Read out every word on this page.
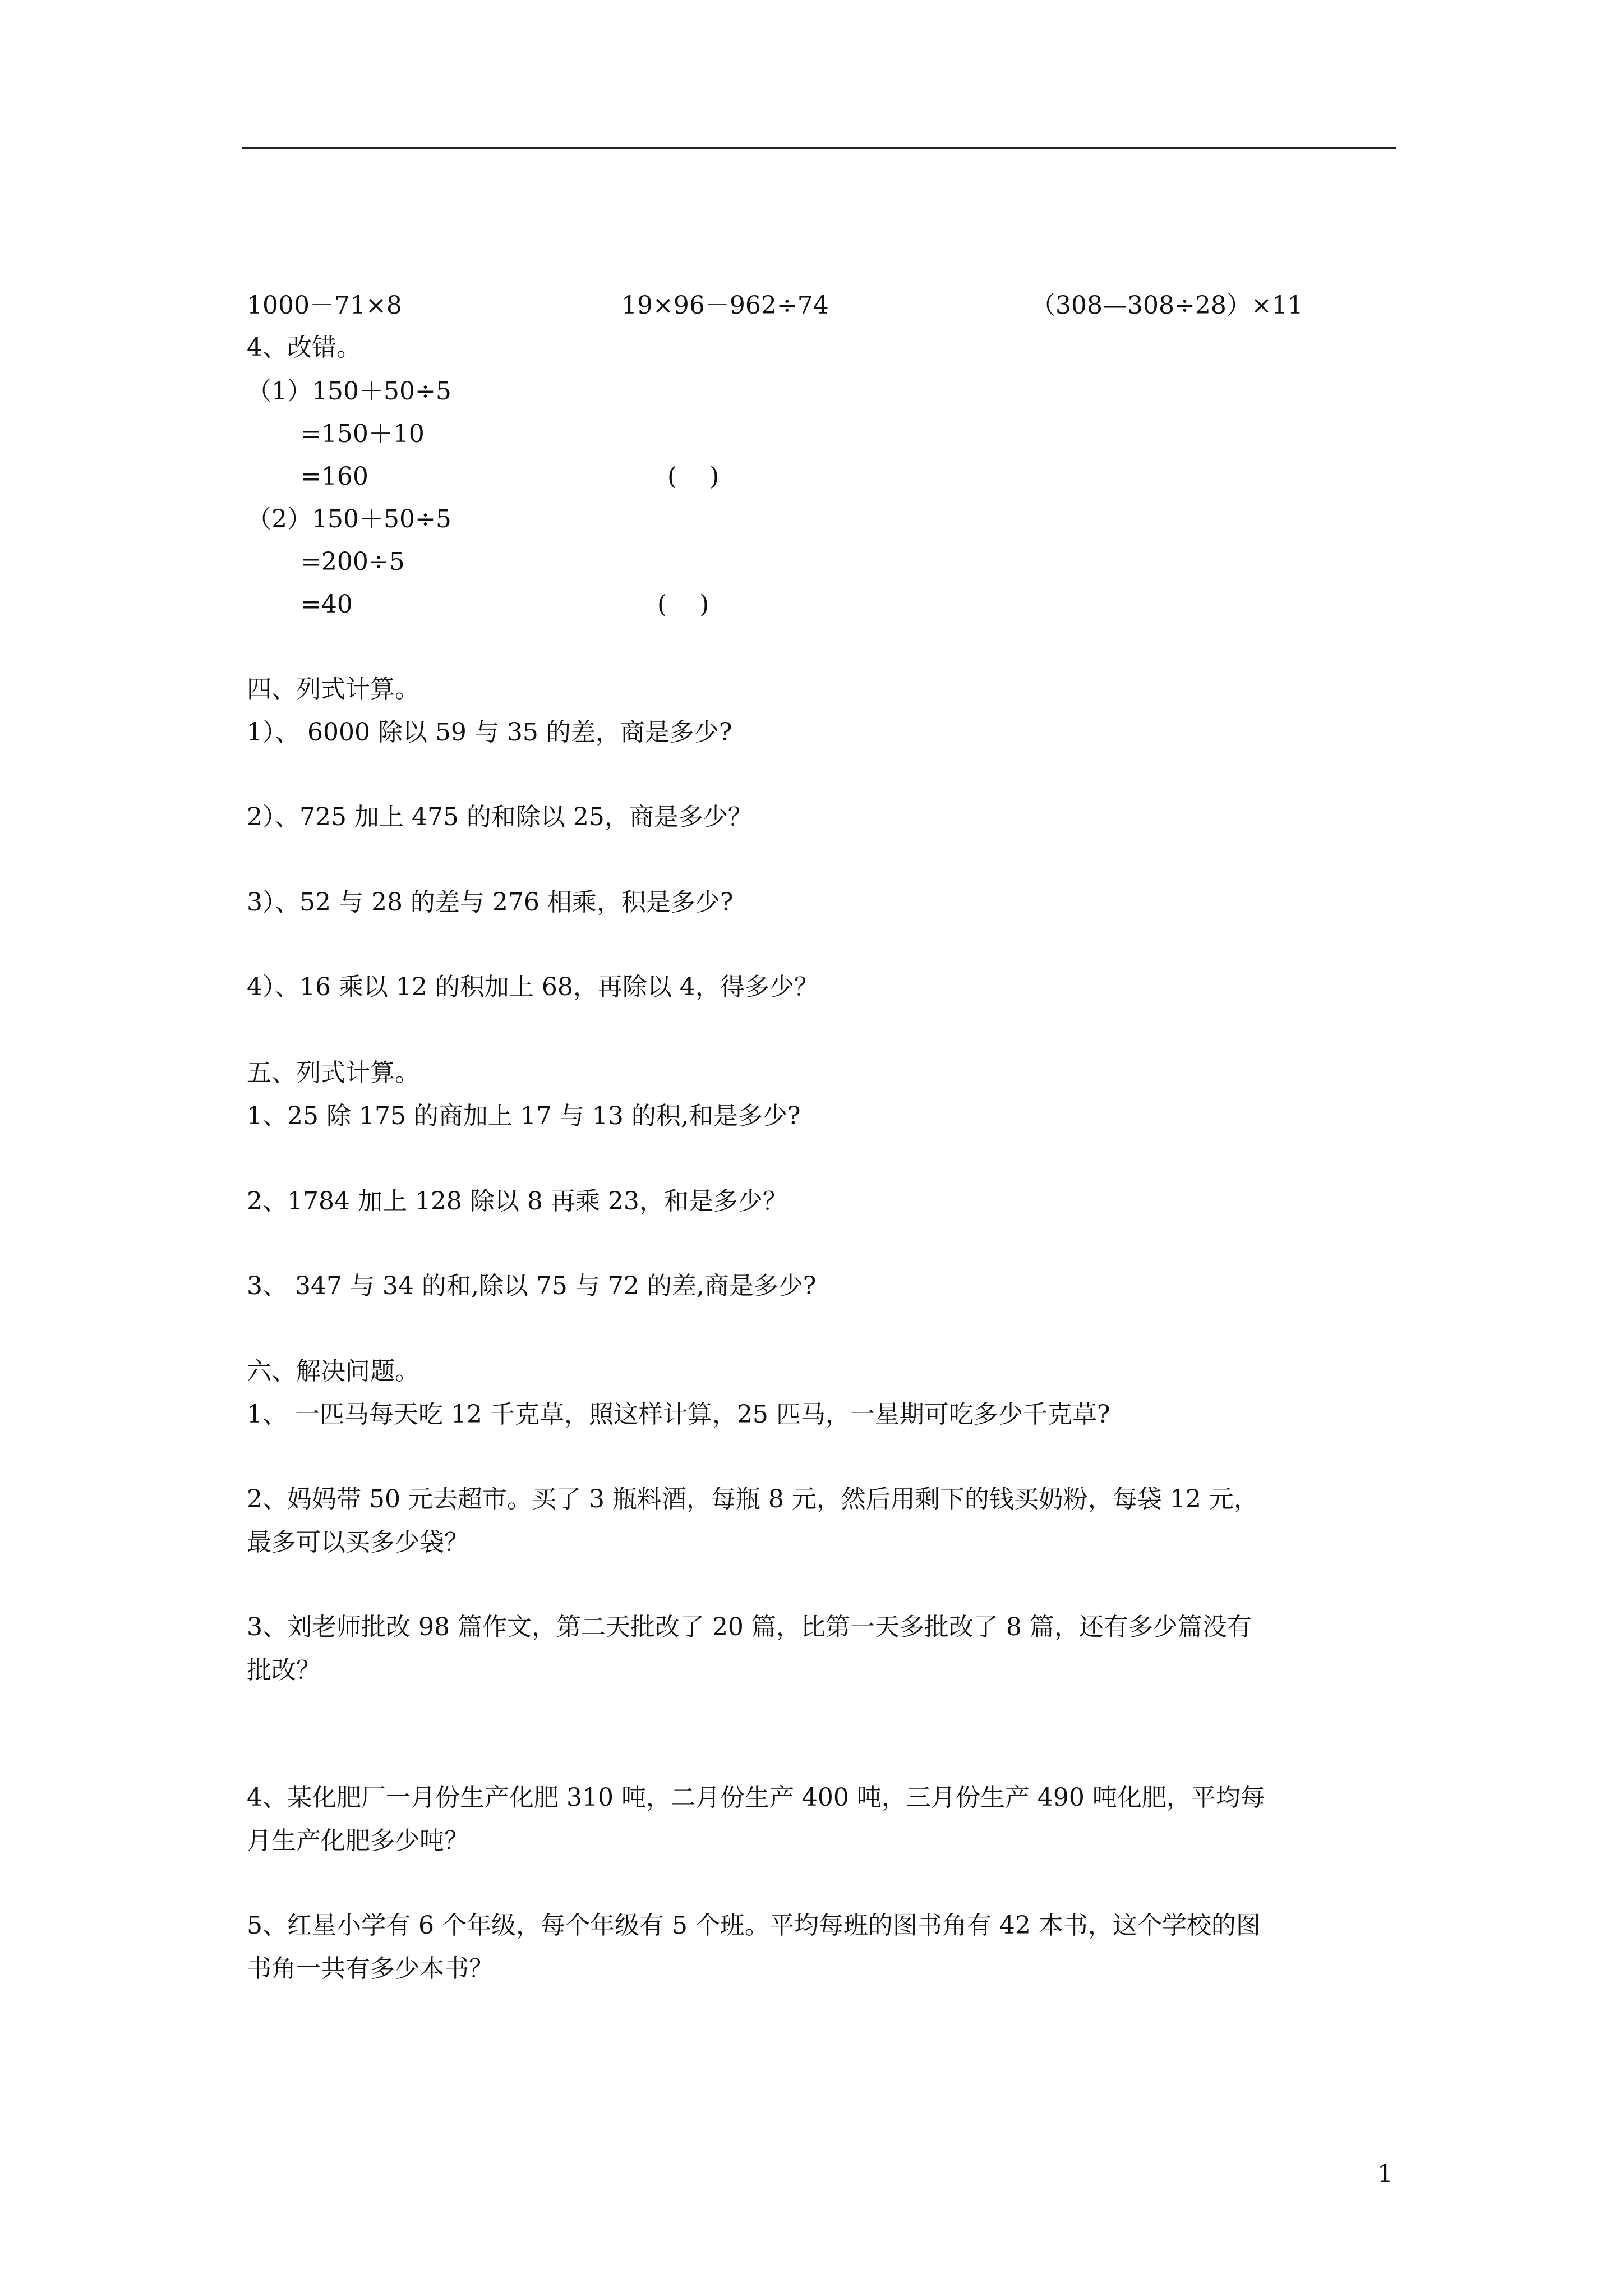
1000－71×8	19×96－962÷74	（308—308÷28）×11
4、改错。
（1）150＋50÷5
=150＋10
=160	(　 )
（2）150＋50÷5
=200÷5
=40	(　 )
四、列式计算。
1）、 6000 除以 59 与 35 的差，商是多少?
2）、725 加上 475 的和除以 25，商是多少？
3）、52 与 28 的差与 276 相乘，积是多少?
4）、16 乘以 12 的积加上 68，再除以 4，得多少？
五、列式计算。
1、25 除 175 的商加上 17 与 13 的积,和是多少?
2、1784 加上 128 除以 8 再乘 23，和是多少？
3、 347 与 34 的和,除以 75 与 72 的差,商是多少?
六、解决问题。
1、 一匹马每天吃 12 千克草，照这样计算，25 匹马，一星期可吃多少千克草?
2、妈妈带 50 元去超市。买了 3 瓶料酒，每瓶 8 元，然后用剩下的钱买奶粉，每袋 12 元，
最多可以买多少袋？
3、刘老师批改 98 篇作文，第二天批改了 20 篇，比第一天多批改了 8 篇，还有多少篇没有
批改？
4、某化肥厂一月份生产化肥 310 吨，二月份生产 400 吨，三月份生产 490 吨化肥，平均每
月生产化肥多少吨？
5、红星小学有 6 个年级，每个年级有 5 个班。平均每班的图书角有 42 本书，这个学校的图
书角一共有多少本书？
1
